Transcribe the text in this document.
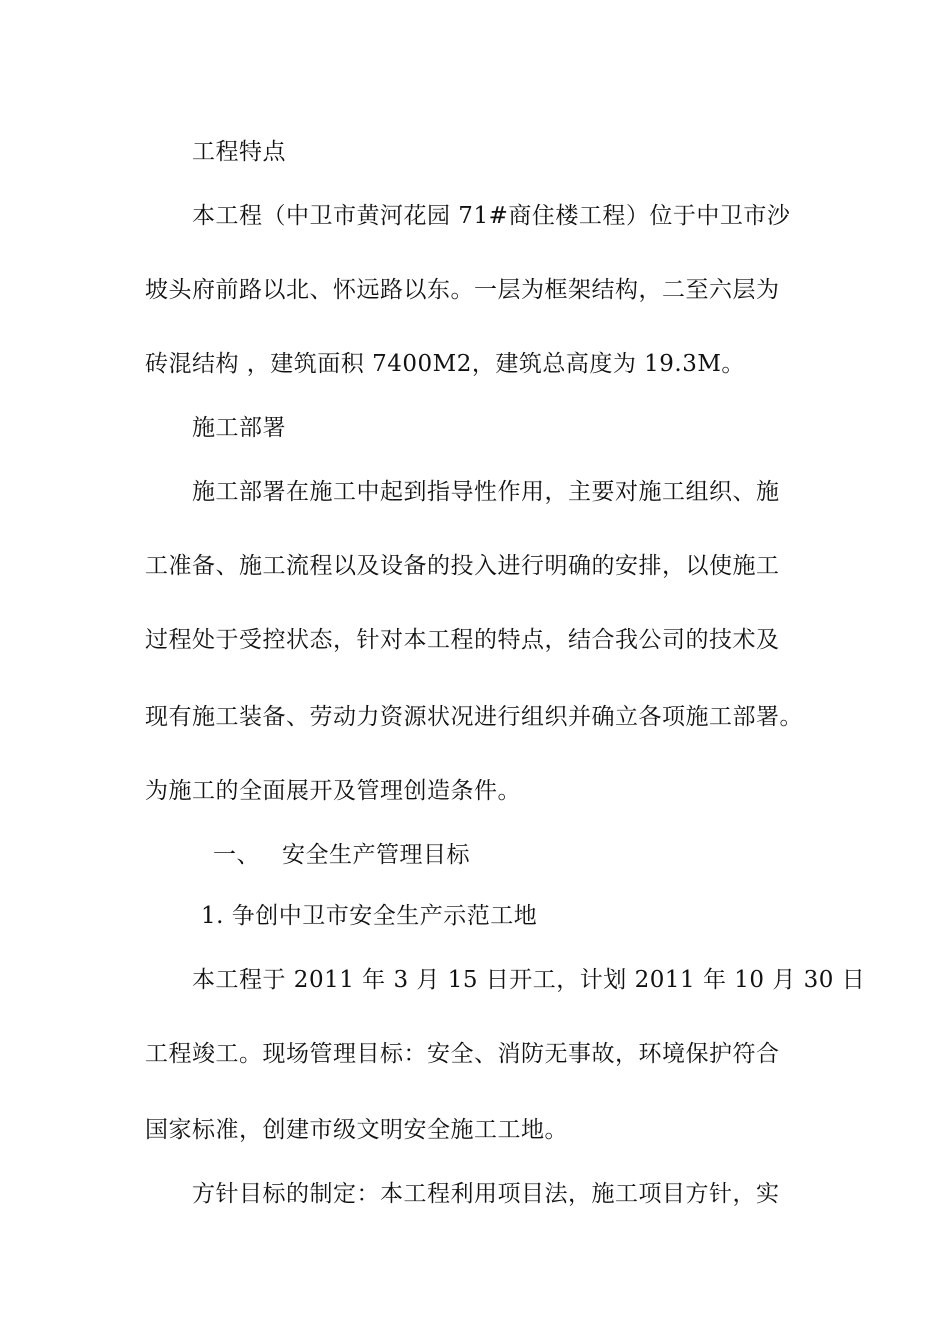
工程特点
本工程（中卫市黄河花园 71#商住楼工程）位于中卫市沙
坡头府前路以北、怀远路以东。一层为框架结构，二至六层为
砖混结构 ，建筑面积 7400M2，建筑总高度为 19.3M。
施工部署
施工部署在施工中起到指导性作用，主要对施工组织、施
工准备、施工流程以及设备的投入进行明确的安排，以使施工
过程处于受控状态，针对本工程的特点，结合我公司的技术及
现有施工装备、劳动力资源状况进行组织并确立各项施工部署。
为施工的全面展开及管理创造条件。
一、 安全生产管理目标
1. 争创中卫市安全生产示范工地
本工程于 2011 年 3 月 15 日开工，计划 2011 年 10 月 30 日
工程竣工。现场管理目标：安全、消防无事故，环境保护符合
国家标准，创建市级文明安全施工工地。
方针目标的制定：本工程利用项目法，施工项目方针，实
